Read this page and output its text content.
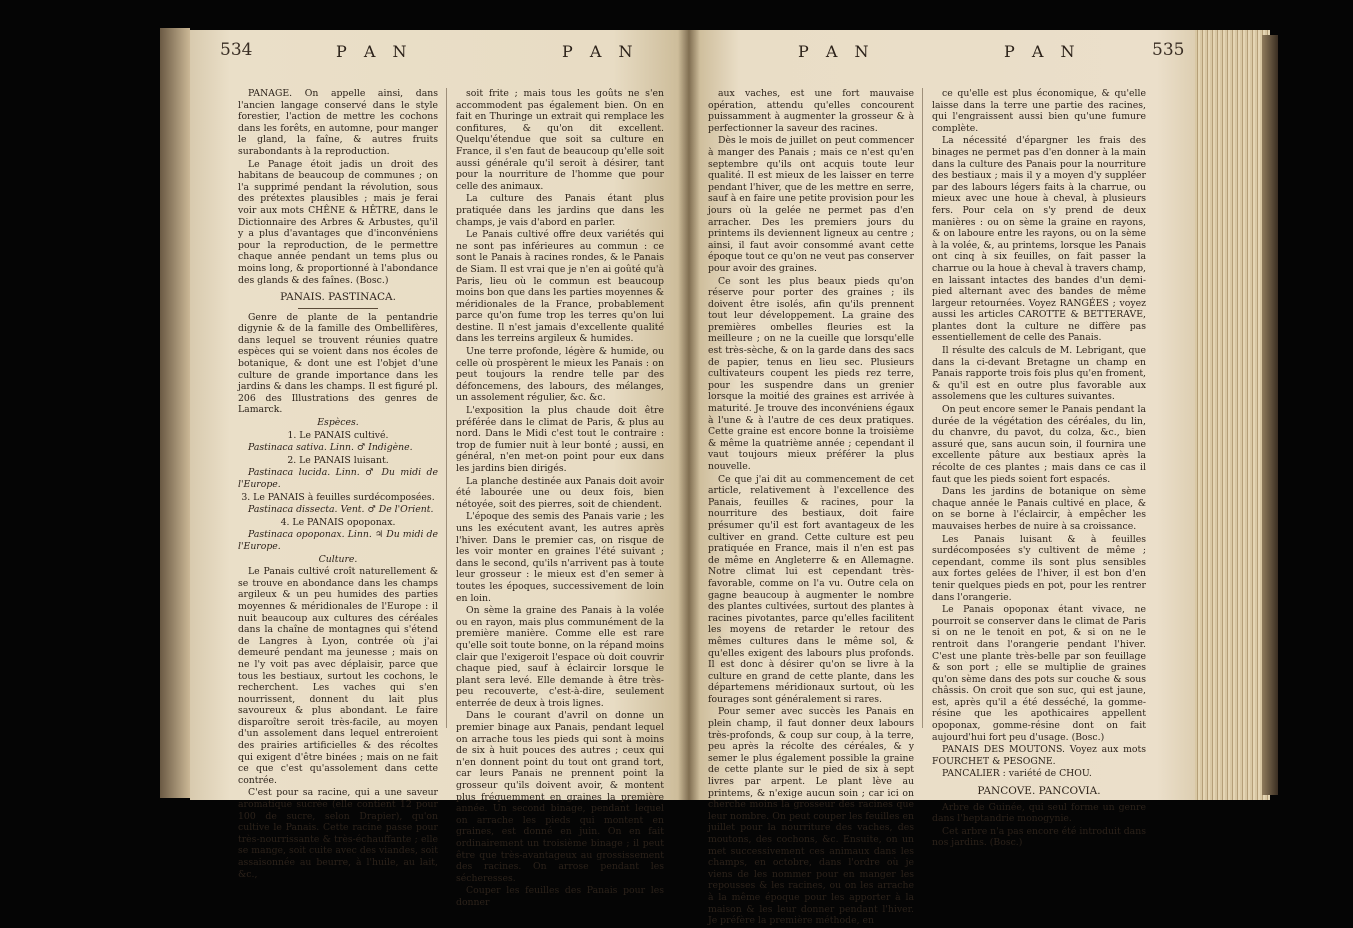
534	P A N	P A N

PANAGE. On appelle ainsi, dans l'ancien langage conservé dans le style forestier, l'action de mettre les cochons dans les forêts, en automne, pour manger le gland, la faîne, & autres fruits surabondants à la reproduction.

Le Panage étoit jadis un droit des habitans de beaucoup de communes ; on l'a supprimé pendant la révolution, sous des prétextes plausibles ; mais je ferai voir aux mots CHÊNE & HÊTRE, dans le Dictionnaire des Arbres & Arbustes, qu'il y a plus d'avantages que d'inconvéniens pour la reproduction, de le permettre chaque année pendant un tems plus ou moins long, & proportionné à l'abondance des glands & des faînes. (Bosc.)

PANAIS. PASTINACA.

Genre de plante de la pentandrie digynie & de la famille des Ombellifères, dans lequel se trouvent réunies quatre espèces qui se voient dans nos écoles de botanique, & dont une est l'objet d'une culture de grande importance dans les jardins & dans les champs. Il est figuré pl. 206 des Illustrations des genres de Lamarck.

Espèces.

1. Le PANAIS cultivé.

Pastinaca sativa. Linn. ♂ Indigène.

2. Le PANAIS luisant.

Pastinaca lucida. Linn. ♂ Du midi de l'Europe.

3. Le PANAIS à feuilles surdécomposées.

Pastinaca dissecta. Vent. ♂ De l'Orient.

4. Le PANAIS opoponax.

Pastinaca opoponax. Linn. ♃ Du midi de l'Europe.

Culture.

Le Panais cultivé croît naturellement & se trouve en abondance dans les champs argileux & un peu humides des parties moyennes & méridionales de l'Europe : il nuit beaucoup aux cultures des céréales dans la chaîne de montagnes qui s'étend de Langres à Lyon, contrée où j'ai demeuré pendant ma jeunesse ; mais on ne l'y voit pas avec déplaisir, parce que tous les bestiaux, surtout les cochons, le recherchent. Les vaches qui s'en nourrissent, donnent du lait plus savoureux & plus abondant. Le faire disparoître seroit très-facile, au moyen d'un assolement dans lequel entreroient des prairies artificielles & des récoltes qui exigent d'être binées ; mais on ne fait ce que c'est qu'assolement dans cette contrée.

C'est pour sa racine, qui a une saveur aromatique sucrée (elle contient 12 pour 100 de sucre, selon Drapier), qu'on cultive le Panais. Cette racine passe pour très-nourrissante & très-échauffante ; elle se mange, soit cuite avec des viandes, soit assaisonnée au beurre, à l'huile, au lait, &c.,

soit frite ; mais tous les goûts ne s'en accommodent pas également bien. On en fait en Thuringe un extrait qui remplace les confitures, & qu'on dit excellent. Quelqu'étendue que soit sa culture en France, il s'en faut de beaucoup qu'elle soit aussi générale qu'il seroit à désirer, tant pour la nourriture de l'homme que pour celle des animaux.

La culture des Panais étant plus pratiquée dans les jardins que dans les champs, je vais d'abord en parler.

Le Panais cultivé offre deux variétés qui ne sont pas inférieures au commun : ce sont le Panais à racines rondes, & le Panais de Siam. Il est vrai que je n'en ai goûté qu'à Paris, lieu où le commun est beaucoup moins bon que dans les parties moyennes & méridionales de la France, probablement parce qu'on fume trop les terres qu'on lui destine. Il n'est jamais d'excellente qualité dans les terreins argileux & humides.

Une terre profonde, légère & humide, ou celle où prospèrent le mieux les Panais : on peut toujours la rendre telle par des défoncemens, des labours, des mélanges, un assolement régulier, &c. &c.

L'exposition la plus chaude doit être préférée dans le climat de Paris, & plus au nord. Dans le Midi c'est tout le contraire : trop de fumier nuit à leur bonté ; aussi, en général, n'en met-on point pour eux dans les jardins bien dirigés.

La planche destinée aux Panais doit avoir été labourée une ou deux fois, bien nétoyée, soit des pierres, soit de chiendent.

L'époque des semis des Panais varie ; les uns les exécutent avant, les autres après l'hiver. Dans le premier cas, on risque de les voir monter en graines l'été suivant ; dans le second, qu'ils n'arrivent pas à toute leur grosseur : le mieux est d'en semer à toutes les époques, successivement de loin en loin.

On sème la graine des Panais à la volée ou en rayon, mais plus communément de la première manière. Comme elle est rare qu'elle soit toute bonne, on la répand moins clair que l'exigeroit l'espace où doit couvrir chaque pied, sauf à éclaircir lorsque le plant sera levé. Elle demande à être très-peu recouverte, c'est-à-dire, seulement enterrée de deux à trois lignes.

Dans le courant d'avril on donne un premier binage aux Panais, pendant lequel on arrache tous les pieds qui sont à moins de six à huit pouces des autres ; ceux qui n'en donnent point du tout ont grand tort, car leurs Panais ne prennent point la grosseur qu'ils doivent avoir, & montent plus fréquemment en graines la première année. Un second binage, pendant lequel on arrache les pieds qui montent en graines, est donné en juin. On en fait ordinairement un troisième binage ; il peut être que très-avantageux au grossissement des racines. On arrose pendant les sécheresses.

Couper les feuilles des Panais pour les donner

P A N	P A N	535

aux vaches, est une fort mauvaise opération, attendu qu'elles concourent puissamment à augmenter la grosseur & à perfectionner la saveur des racines.

Dès le mois de juillet on peut commencer à manger des Panais ; mais ce n'est qu'en septembre qu'ils ont acquis toute leur qualité. Il est mieux de les laisser en terre pendant l'hiver, que de les mettre en serre, sauf à en faire une petite provision pour les jours où la gelée ne permet pas d'en arracher. Des les premiers jours du printems ils deviennent ligneux au centre ; ainsi, il faut avoir consommé avant cette époque tout ce qu'on ne veut pas conserver pour avoir des graines.

Ce sont les plus beaux pieds qu'on réserve pour porter des graines ; ils doivent être isolés, afin qu'ils prennent tout leur développement. La graine des premières ombelles fleuries est la meilleure ; on ne la cueille que lorsqu'elle est très-sèche, & on la garde dans des sacs de papier, tenus en lieu sec. Plusieurs cultivateurs coupent les pieds rez terre, pour les suspendre dans un grenier lorsque la moitié des graines est arrivée à maturité. Je trouve des inconvéniens égaux à l'une & à l'autre de ces deux pratiques. Cette graine est encore bonne la troisième & même la quatrième année ; cependant il vaut toujours mieux préférer la plus nouvelle.

Ce que j'ai dit au commencement de cet article, relativement à l'excellence des Panais, feuilles & racines, pour la nourriture des bestiaux, doit faire présumer qu'il est fort avantageux de les cultiver en grand. Cette culture est peu pratiquée en France, mais il n'en est pas de même en Angleterre & en Allemagne. Notre climat lui est cependant très-favorable, comme on l'a vu. Outre cela on gagne beaucoup à augmenter le nombre des plantes cultivées, surtout des plantes à racines pivotantes, parce qu'elles facilitent les moyens de retarder le retour des mêmes cultures dans le même sol, & qu'elles exigent des labours plus profonds. Il est donc à désirer qu'on se livre à la culture en grand de cette plante, dans les départemens méridionaux surtout, où les fourages sont généralement si rares.

Pour semer avec succès les Panais en plein champ, il faut donner deux labours très-profonds, & coup sur coup, à la terre, peu après la récolte des céréales, & y semer le plus également possible la graine de cette plante sur le pied de six à sept livres par arpent. Le plant lève au printems, & n'exige aucun soin ; car ici on cherche moins la grosseur des racines que leur nombre. On peut couper les feuilles en juillet pour la nourriture des vaches, des moutons, des cochons, &c. Ensuite, on un met successivement ces animaux dans les champs, en octobre, dans l'ordre où je viens de les nommer pour en manger les repousses & les racines, ou on les arrache à la même époque pour les apporter à la maison & les leur donner pendant l'hiver. Je préfère la première méthode, en

ce qu'elle est plus économique, & qu'elle laisse dans la terre une partie des racines, qui l'engraissent aussi bien qu'une fumure complète.

La nécessité d'épargner les frais des binages ne permet pas d'en donner à la main dans la culture des Panais pour la nourriture des bestiaux ; mais il y a moyen d'y suppléer par des labours légers faits à la charrue, ou mieux avec une houe à cheval, à plusieurs fers. Pour cela on s'y prend de deux manières : ou on sème la graine en rayons, & on laboure entre les rayons, ou on la sème à la volée, &, au printems, lorsque les Panais ont cinq à six feuilles, on fait passer la charrue ou la houe à cheval à travers champ, en laissant intactes des bandes d'un demi-pied alternant avec des bandes de même largeur retournées. Voyez RANGÉES ; voyez aussi les articles CAROTTE & BETTERAVE, plantes dont la culture ne diffère pas essentiellement de celle des Panais.

Il résulte des calculs de M. Lebrigant, que dans la ci-devant Bretagne un champ en Panais rapporte trois fois plus qu'en froment, & qu'il est en outre plus favorable aux assolemens que les cultures suivantes.

On peut encore semer le Panais pendant la durée de la végétation des céréales, du lin, du chanvre, du pavot, du colza, &c., bien assuré que, sans aucun soin, il fournira une excellente pâture aux bestiaux après la récolte de ces plantes ; mais dans ce cas il faut que les pieds soient fort espacés.

Dans les jardins de botanique on sème chaque année le Panais cultivé en place, & on se borne à l'éclaircir, à empêcher les mauvaises herbes de nuire à sa croissance.

Les Panais luisant & à feuilles surdécomposées s'y cultivent de même ; cependant, comme ils sont plus sensibles aux fortes gelées de l'hiver, il est bon d'en tenir quelques pieds en pot, pour les rentrer dans l'orangerie.

Le Panais opoponax étant vivace, ne pourroit se conserver dans le climat de Paris si on ne le tenoit en pot, & si on ne le rentroit dans l'orangerie pendant l'hiver. C'est une plante très-belle par son feuillage & son port ; elle se multiplie de graines qu'on sème dans des pots sur couche & sous châssis. On croit que son suc, qui est jaune, est, après qu'il a été desséché, la gomme-résine que les apothicaires appellent opoponax, gomme-résine dont on fait aujourd'hui fort peu d'usage. (Bosc.)

PANAIS DES MOUTONS. Voyez aux mots FOURCHET & PESOGNE.

PANCALIER : variété de CHOU.

PANCOVE. PANCOVIA.

Arbre de Guinée, qui seul forme un genre dans l'heptandrie monogynie.

Cet arbre n'a pas encore été introduit dans nos jardins. (Bosc.)
